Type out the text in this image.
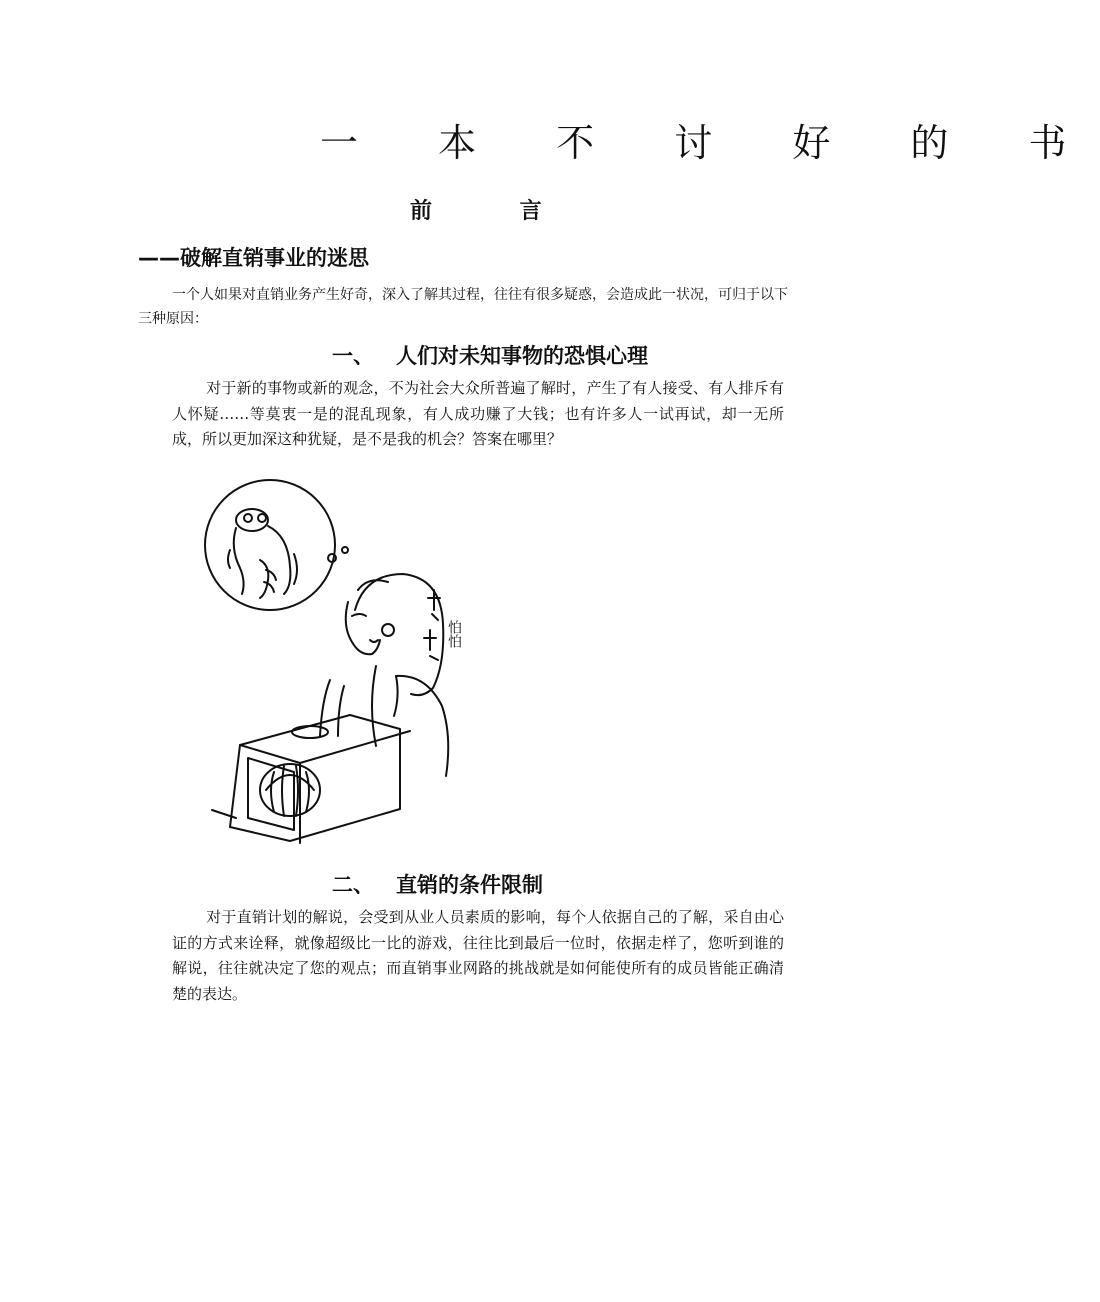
一 本 不 讨 好 的 书
前 言
——破解直销事业的迷思
一个人如果对直销业务产生好奇，深入了解其过程，往往有很多疑惑，会造成此一状况，可归于以下三种原因：
一、 人们对未知事物的恐惧心理
对于新的事物或新的观念，不为社会大众所普遍了解时，产生了有人接受、有人排斥有人怀疑……等莫衷一是的混乱现象，有人成功赚了大钱；也有许多人一试再试，却一无所成，所以更加深这种犹疑，是不是我的机会？答案在哪里？
怕怕
二、 直销的条件限制
对于直销计划的解说，会受到从业人员素质的影响，每个人依据自己的了解，采自由心证的方式来诠释，就像超级比一比的游戏，往往比到最后一位时，依据走样了，您听到谁的解说，往往就决定了您的观点；而直销事业网路的挑战就是如何能使所有的成员皆能正确清楚的表达。
